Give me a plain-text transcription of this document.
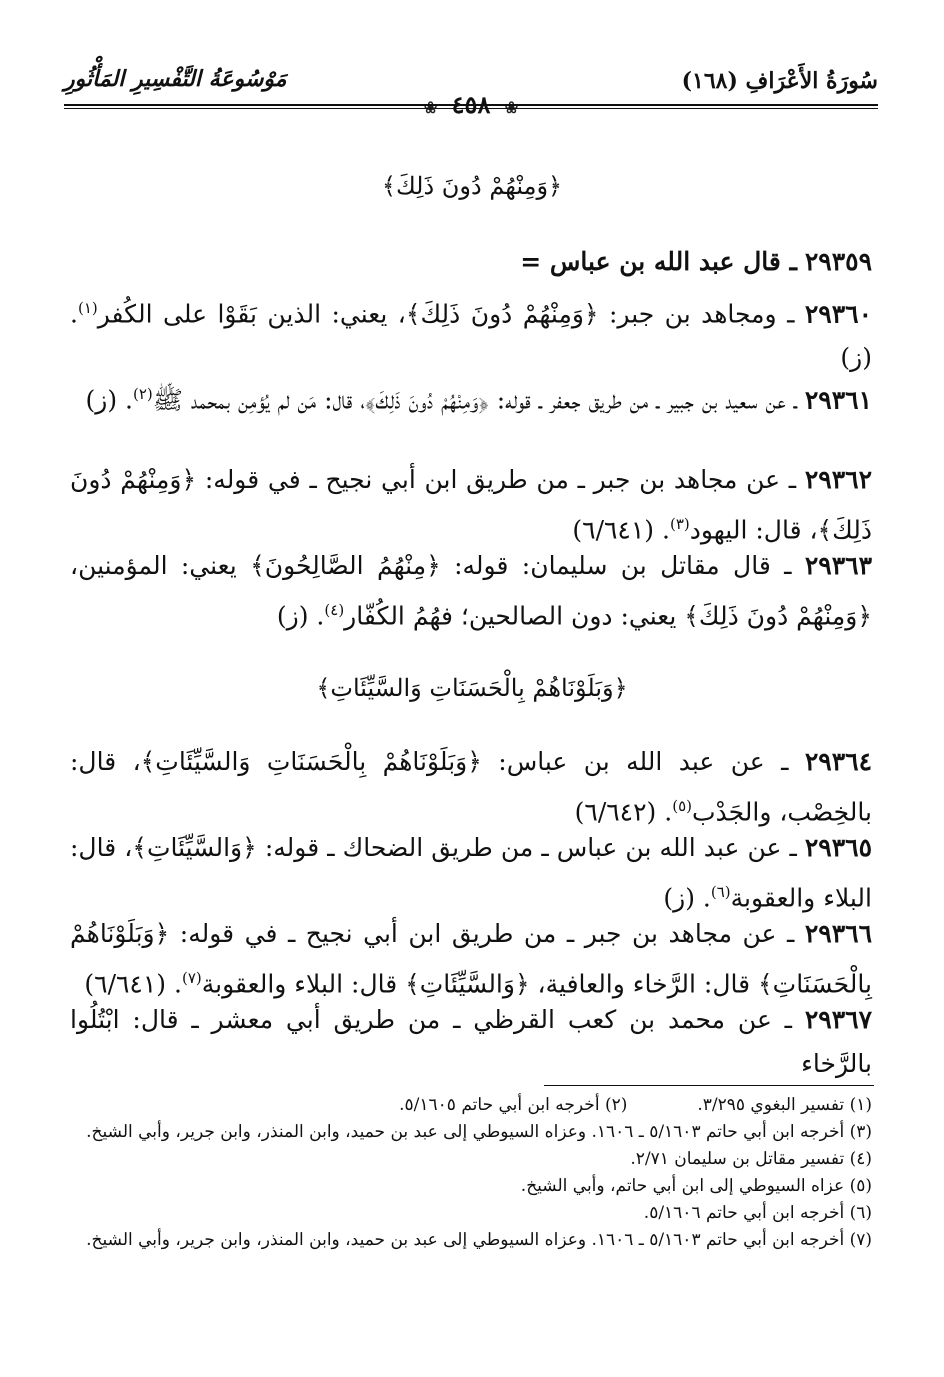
سُورَةُ الأَعْرَافِ (١٦٨)
مَوْسُوعَةُ التَّفْسِيرِ المَأْثُورِ
❀ ٤٥٨ ❀
﴿وَمِنْهُمْ دُونَ ذَلِكَ﴾
٢٩٣٥٩ ـ قال عبد الله بن عباس =
٢٩٣٦٠ ـ ومجاهد بن جبر: ﴿وَمِنْهُمْ دُونَ ذَلِكَ﴾، يعني: الذين بَقَوْا على الكُفر$^{(١)}$. (ز)
٢٩٣٦١ ـ عن سعيد بن جبير ـ من طريق جعفر ـ قوله: ﴿وَمِنْهُمْ دُونَ ذَلِكَ﴾، قال: مَن لم يُؤمِن بمحمد ﷺ$^{(٢)}$. (ز)
٢٩٣٦٢ ـ عن مجاهد بن جبر ـ من طريق ابن أبي نجيح ـ في قوله: ﴿وَمِنْهُمْ دُونَ ذَلِكَ﴾، قال: اليهود$^{(٣)}$. (٦/٦٤١)
٢٩٣٦٣ ـ قال مقاتل بن سليمان: قوله: ﴿مِنْهُمُ الصَّالِحُونَ﴾ يعني: المؤمنين، ﴿وَمِنْهُمْ دُونَ ذَلِكَ﴾ يعني: دون الصالحين؛ فهُمُ الكُفّار$^{(٤)}$. (ز)
﴿وَبَلَوْنَاهُمْ بِالْحَسَنَاتِ وَالسَّيِّئَاتِ﴾
٢٩٣٦٤ ـ عن عبد الله بن عباس: ﴿وَبَلَوْنَاهُمْ بِالْحَسَنَاتِ وَالسَّيِّئَاتِ﴾، قال: بالخِصْب، والجَدْب$^{(٥)}$. (٦/٦٤٢)
٢٩٣٦٥ ـ عن عبد الله بن عباس ـ من طريق الضحاك ـ قوله: ﴿وَالسَّيِّئَاتِ﴾، قال: البلاء والعقوبة$^{(٦)}$. (ز)
٢٩٣٦٦ ـ عن مجاهد بن جبر ـ من طريق ابن أبي نجيح ـ في قوله: ﴿وَبَلَوْنَاهُمْ بِالْحَسَنَاتِ﴾ قال: الرَّخاء والعافية، ﴿وَالسَّيِّئَاتِ﴾ قال: البلاء والعقوبة$^{(٧)}$. (٦/٦٤١)
٢٩٣٦٧ ـ عن محمد بن كعب القرظي ـ من طريق أبي معشر ـ قال: ابْتُلُوا بالرَّخاء
(١) تفسير البغوي ٣/٢٩٥.
(٢) أخرجه ابن أبي حاتم ٥/١٦٠٥.
(٣) أخرجه ابن أبي حاتم ٥/١٦٠٣ ـ ١٦٠٦. وعزاه السيوطي إلى عبد بن حميد، وابن المنذر، وابن جرير، وأبي الشيخ.
(٤) تفسير مقاتل بن سليمان ٢/٧١.
(٥) عزاه السيوطي إلى ابن أبي حاتم، وأبي الشيخ.
(٦) أخرجه ابن أبي حاتم ٥/١٦٠٦.
(٧) أخرجه ابن أبي حاتم ٥/١٦٠٣ ـ ١٦٠٦. وعزاه السيوطي إلى عبد بن حميد، وابن المنذر، وابن جرير، وأبي الشيخ.
